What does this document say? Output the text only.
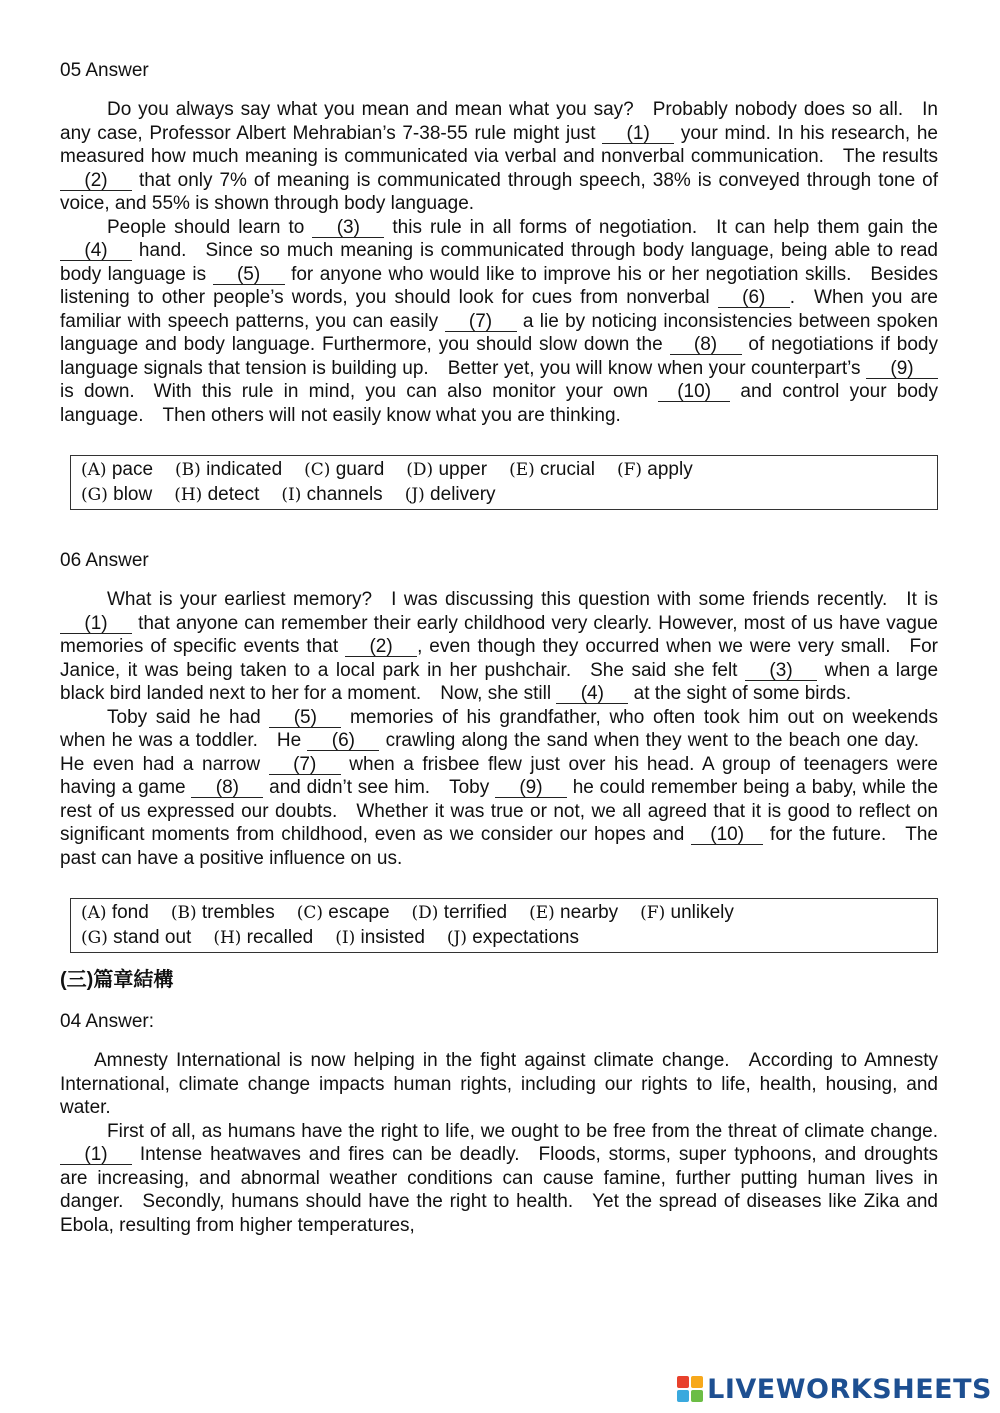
05 Answer

Do you always say what you mean and mean what you say? Probably nobody does so all. In any case, Professor Albert Mehrabian’s 7-38-55 rule might just (1) your mind. In his research, he measured how much meaning is communicated via verbal and nonverbal communication. The results (2) that only 7% of meaning is communicated through speech, 38% is conveyed through tone of voice, and 55% is shown through body language.

People should learn to (3) this rule in all forms of negotiation. It can help them gain the (4) hand. Since so much meaning is communicated through body language, being able to read body language is (5) for anyone who would like to improve his or her negotiation skills. Besides listening to other people’s words, you should look for cues from nonverbal (6) . When you are familiar with speech patterns, you can easily (7) a lie by noticing inconsistencies between spoken language and body language. Furthermore, you should slow down the (8) of negotiations if body language signals that tension is building up. Better yet, you will know when your counterpart’s (9) is down. With this rule in mind, you can also monitor your own (10) and control your body language. Then others will not easily know what you are thinking.

(A) pace (B) indicated (C) guard (D) upper (E) crucial (F) apply
(G) blow (H) detect (I) channels (J) delivery
06 Answer

What is your earliest memory? I was discussing this question with some friends recently. It is (1) that anyone can remember their early childhood very clearly. However, most of us have vague memories of specific events that (2) , even though they occurred when we were very small. For Janice, it was being taken to a local park in her pushchair. She said she felt (3) when a large black bird landed next to her for a moment. Now, she still (4) at the sight of some birds.

Toby said he had (5) memories of his grandfather, who often took him out on weekends when he was a toddler. He (6) crawling along the sand when they went to the beach one day. He even had a narrow (7) when a frisbee flew just over his head. A group of teenagers were having a game (8) and didn’t see him. Toby (9) he could remember being a baby, while the rest of us expressed our doubts. Whether it was true or not, we all agreed that it is good to reflect on significant moments from childhood, even as we consider our hopes and (10) for the future. The past can have a positive influence on us.

(A) fond (B) trembles (C) escape (D) terrified (E) nearby (F) unlikely
(G) stand out (H) recalled (I) insisted (J) expectations
(三)篇章結構
04 Answer:

Amnesty International is now helping in the fight against climate change. According to Amnesty International, climate change impacts human rights, including our rights to life, health, housing, and water.

First of all, as humans have the right to life, we ought to be free from the threat of climate change. (1) Intense heatwaves and fires can be deadly. Floods, storms, super typhoons, and droughts are increasing, and abnormal weather conditions can cause famine, further putting human lives in danger. Secondly, humans should have the right to health. Yet the spread of diseases like Zika and Ebola, resulting from higher temperatures,

LIVEWORKSHEETS
